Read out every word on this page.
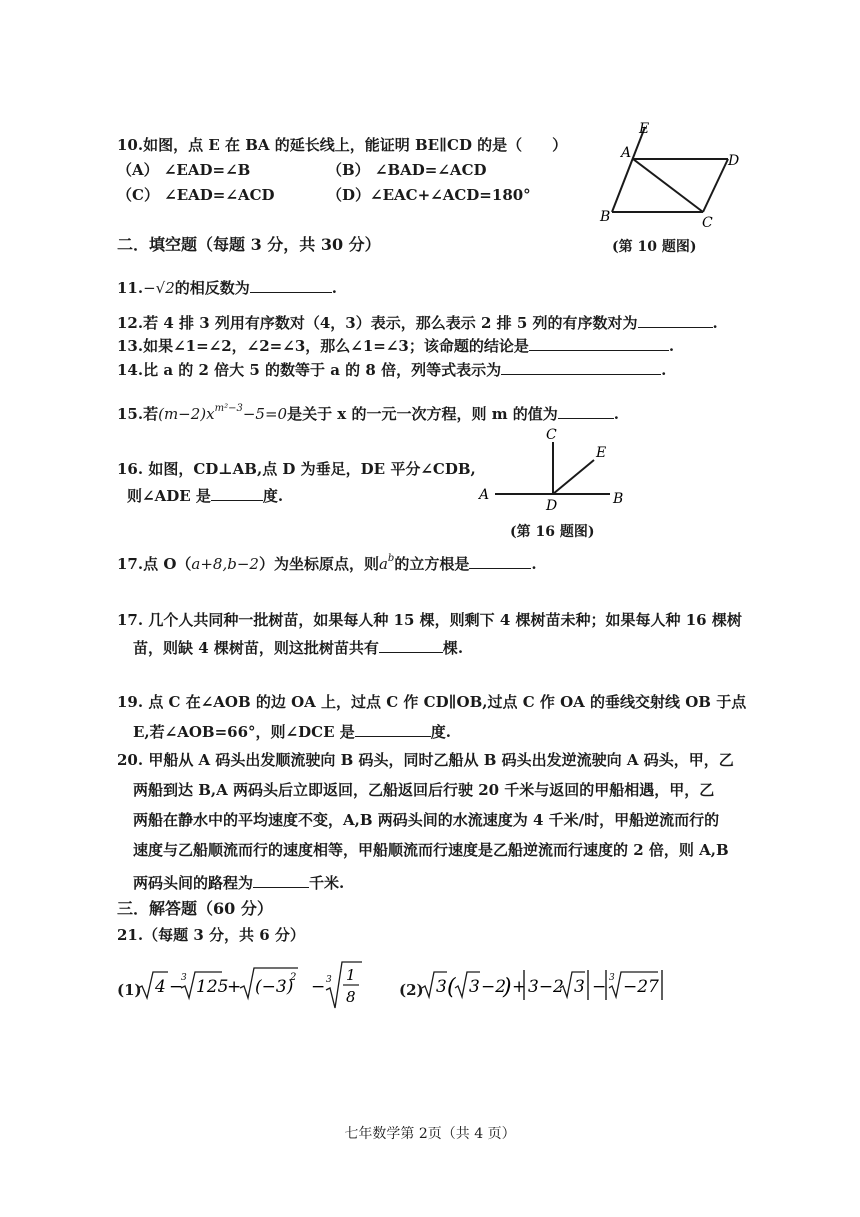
10.如图，点 E 在 BA 的延长线上，能证明 BE∥CD 的是（　　）
（A） ∠EAD=∠B	（B） ∠BAD=∠ACD
（C） ∠EAD=∠ACD	（D）∠EAC+∠ACD=180°
E
A	D
B	C
(第 10 题图)
二．填空题（每题 3 分，共 30 分）
11.−√2的相反数为	.
12.若 4 排 3 列用有序数对（4，3）表示，那么表示 2 排 5 列的有序数对为	.
13.如果∠1=∠2，∠2=∠3，那么∠1=∠3；该命题的结论是	.
14.比 a 的 2 倍大 5 的数等于 a 的 8 倍，列等式表示为	.
15.若$(m-2)x^{m^2-3}-5=0$是关于 x 的一元一次方程，则 m 的值为	.
16. 如图，CD⊥AB,点 D 为垂足，DE 平分∠CDB,
则∠ADE 是	度.
C
E
A
D	B
(第 16 题图)
17.点 O（a+8,b−2）为坐标原点，则$a^b$的立方根是	.
17. 几个人共同种一批树苗，如果每人种 15 棵，则剩下 4 棵树苗未种；如果每人种 16 棵树
苗，则缺 4 棵树苗，则这批树苗共有	棵.
19. 点 C 在∠AOB 的边 OA 上，过点 C 作 CD∥OB,过点 C 作 OA 的垂线交射线 OB 于点
E,若∠AOB=66°，则∠DCE 是	度.
20. 甲船从 A 码头出发顺流驶向 B 码头，同时乙船从 B 码头出发逆流驶向 A 码头，甲，乙
两船到达 B,A 两码头后立即返回，乙船返回后行驶 20 千米与返回的甲船相遇，甲，乙
两船在静水中的平均速度不变，A,B 两码头间的水流速度为 4 千米/时，甲船逆流而行的
速度与乙船顺流而行的速度相等，甲船顺流而行速度是乙船逆流而行速度的 2 倍，则 A,B
两码头间的路程为	千米.
三．解答题（60 分）
21.（每题 3 分，共 6 分）
(1) 4 −
3 125
+ (−3)
2 − 3 1
8	(2) 3 ( 3 −2
) + 3−2 3 − 3 −27
七年数学第 2页（共 4 页）
